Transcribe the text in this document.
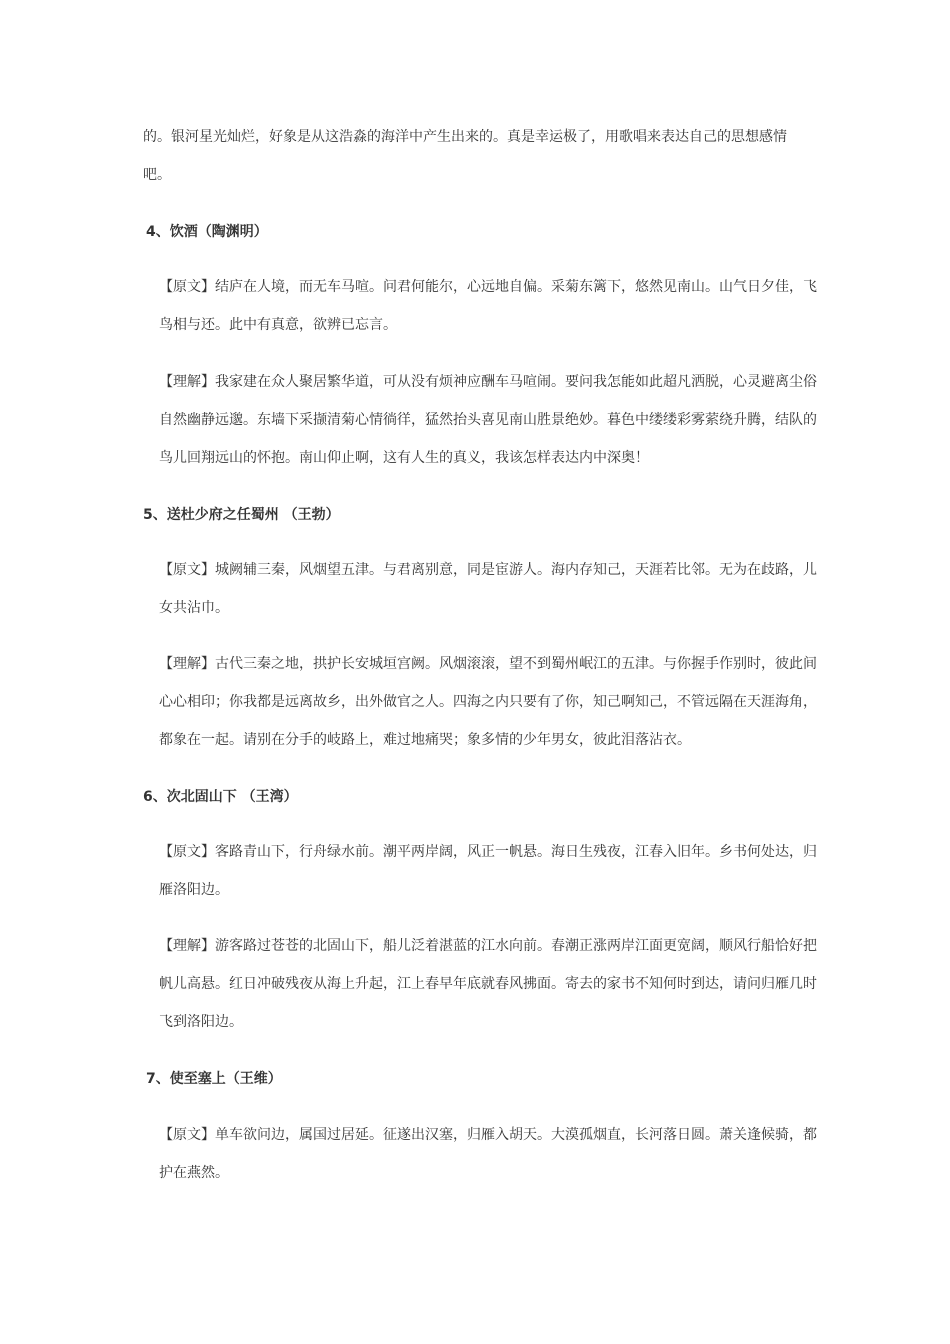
的。银河星光灿烂，好象是从这浩淼的海洋中产生出来的。真是幸运极了，用歌唱来表达自己的思想感情吧。

4、饮酒（陶渊明）

【原文】结庐在人境，而无车马喧。问君何能尔，心远地自偏。采菊东篱下，悠然见南山。山气日夕佳，飞鸟相与还。此中有真意，欲辨已忘言。

【理解】我家建在众人聚居繁华道，可从没有烦神应酬车马喧闹。要问我怎能如此超凡洒脱，心灵避离尘俗自然幽静远邈。东墙下采撷清菊心情徜徉，猛然抬头喜见南山胜景绝妙。暮色中缕缕彩雾萦绕升腾，结队的鸟儿回翔远山的怀抱。南山仰止啊，这有人生的真义，我该怎样表达内中深奥！

5、送杜少府之任蜀州 （王勃）

【原文】城阙辅三秦，风烟望五津。与君离别意，同是宦游人。海内存知己，天涯若比邻。无为在歧路，儿女共沾巾。

【理解】古代三秦之地，拱护长安城垣宫阙。风烟滚滚，望不到蜀州岷江的五津。与你握手作别时，彼此间心心相印；你我都是远离故乡，出外做官之人。四海之内只要有了你，知己啊知己，不管远隔在天涯海角，都象在一起。请别在分手的岐路上，难过地痛哭；象多情的少年男女，彼此泪落沾衣。

6、次北固山下 （王湾）

【原文】客路青山下，行舟绿水前。潮平两岸阔，风正一帆悬。海日生残夜，江春入旧年。乡书何处达，归雁洛阳边。

【理解】游客路过苍苍的北固山下，船儿泛着湛蓝的江水向前。春潮正涨两岸江面更宽阔，顺风行船恰好把帆儿高悬。红日冲破残夜从海上升起，江上春早年底就春风拂面。寄去的家书不知何时到达，请问归雁几时飞到洛阳边。

7、使至塞上（王维）

【原文】单车欲问边，属国过居延。征遂出汉塞，归雁入胡天。大漠孤烟直，长河落日圆。萧关逢候骑，都护在燕然。
